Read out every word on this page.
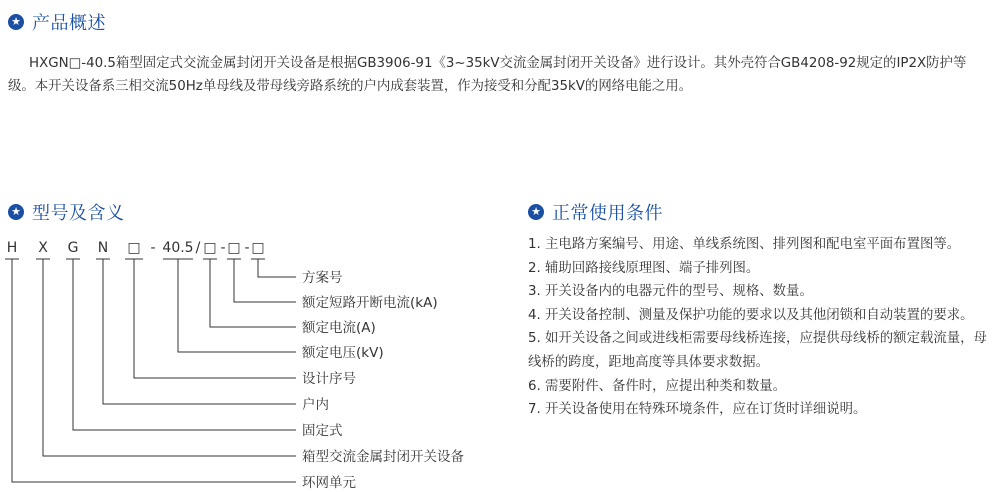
★ 产品概述
HXGN□-40.5箱型固定式交流金属封闭开关设备是根据GB3906-91《3~35kV交流金属封闭开关设备》进行设计。其外壳符合GB4208-92规定的IP2X防护等级。本开关设备系三相交流50Hz单母线及带母线旁路系统的户内成套装置，作为接受和分配35kV的网络电能之用。
★ 型号及含义
H X G N □ - 40.5 / □ - □ - □
方案号
额定短路开断电流(kA)
额定电流(A)
额定电压(kV)
设计序号
户内
固定式
箱型交流金属封闭开关设备
环网单元
★ 正常使用条件
1. 主电路方案编号、用途、单线系统图、排列图和配电室平面布置图等。
2. 辅助回路接线原理图、端子排列图。
3. 开关设备内的电器元件的型号、规格、数量。
4. 开关设备控制、测量及保护功能的要求以及其他闭锁和自动装置的要求。
5. 如开关设备之间或进线柜需要母线桥连接，应提供母线桥的额定载流量，母线桥的跨度，距地高度等具体要求数据。
6. 需要附件、备件时，应提出种类和数量。
7. 开关设备使用在特殊环境条件，应在订货时详细说明。
